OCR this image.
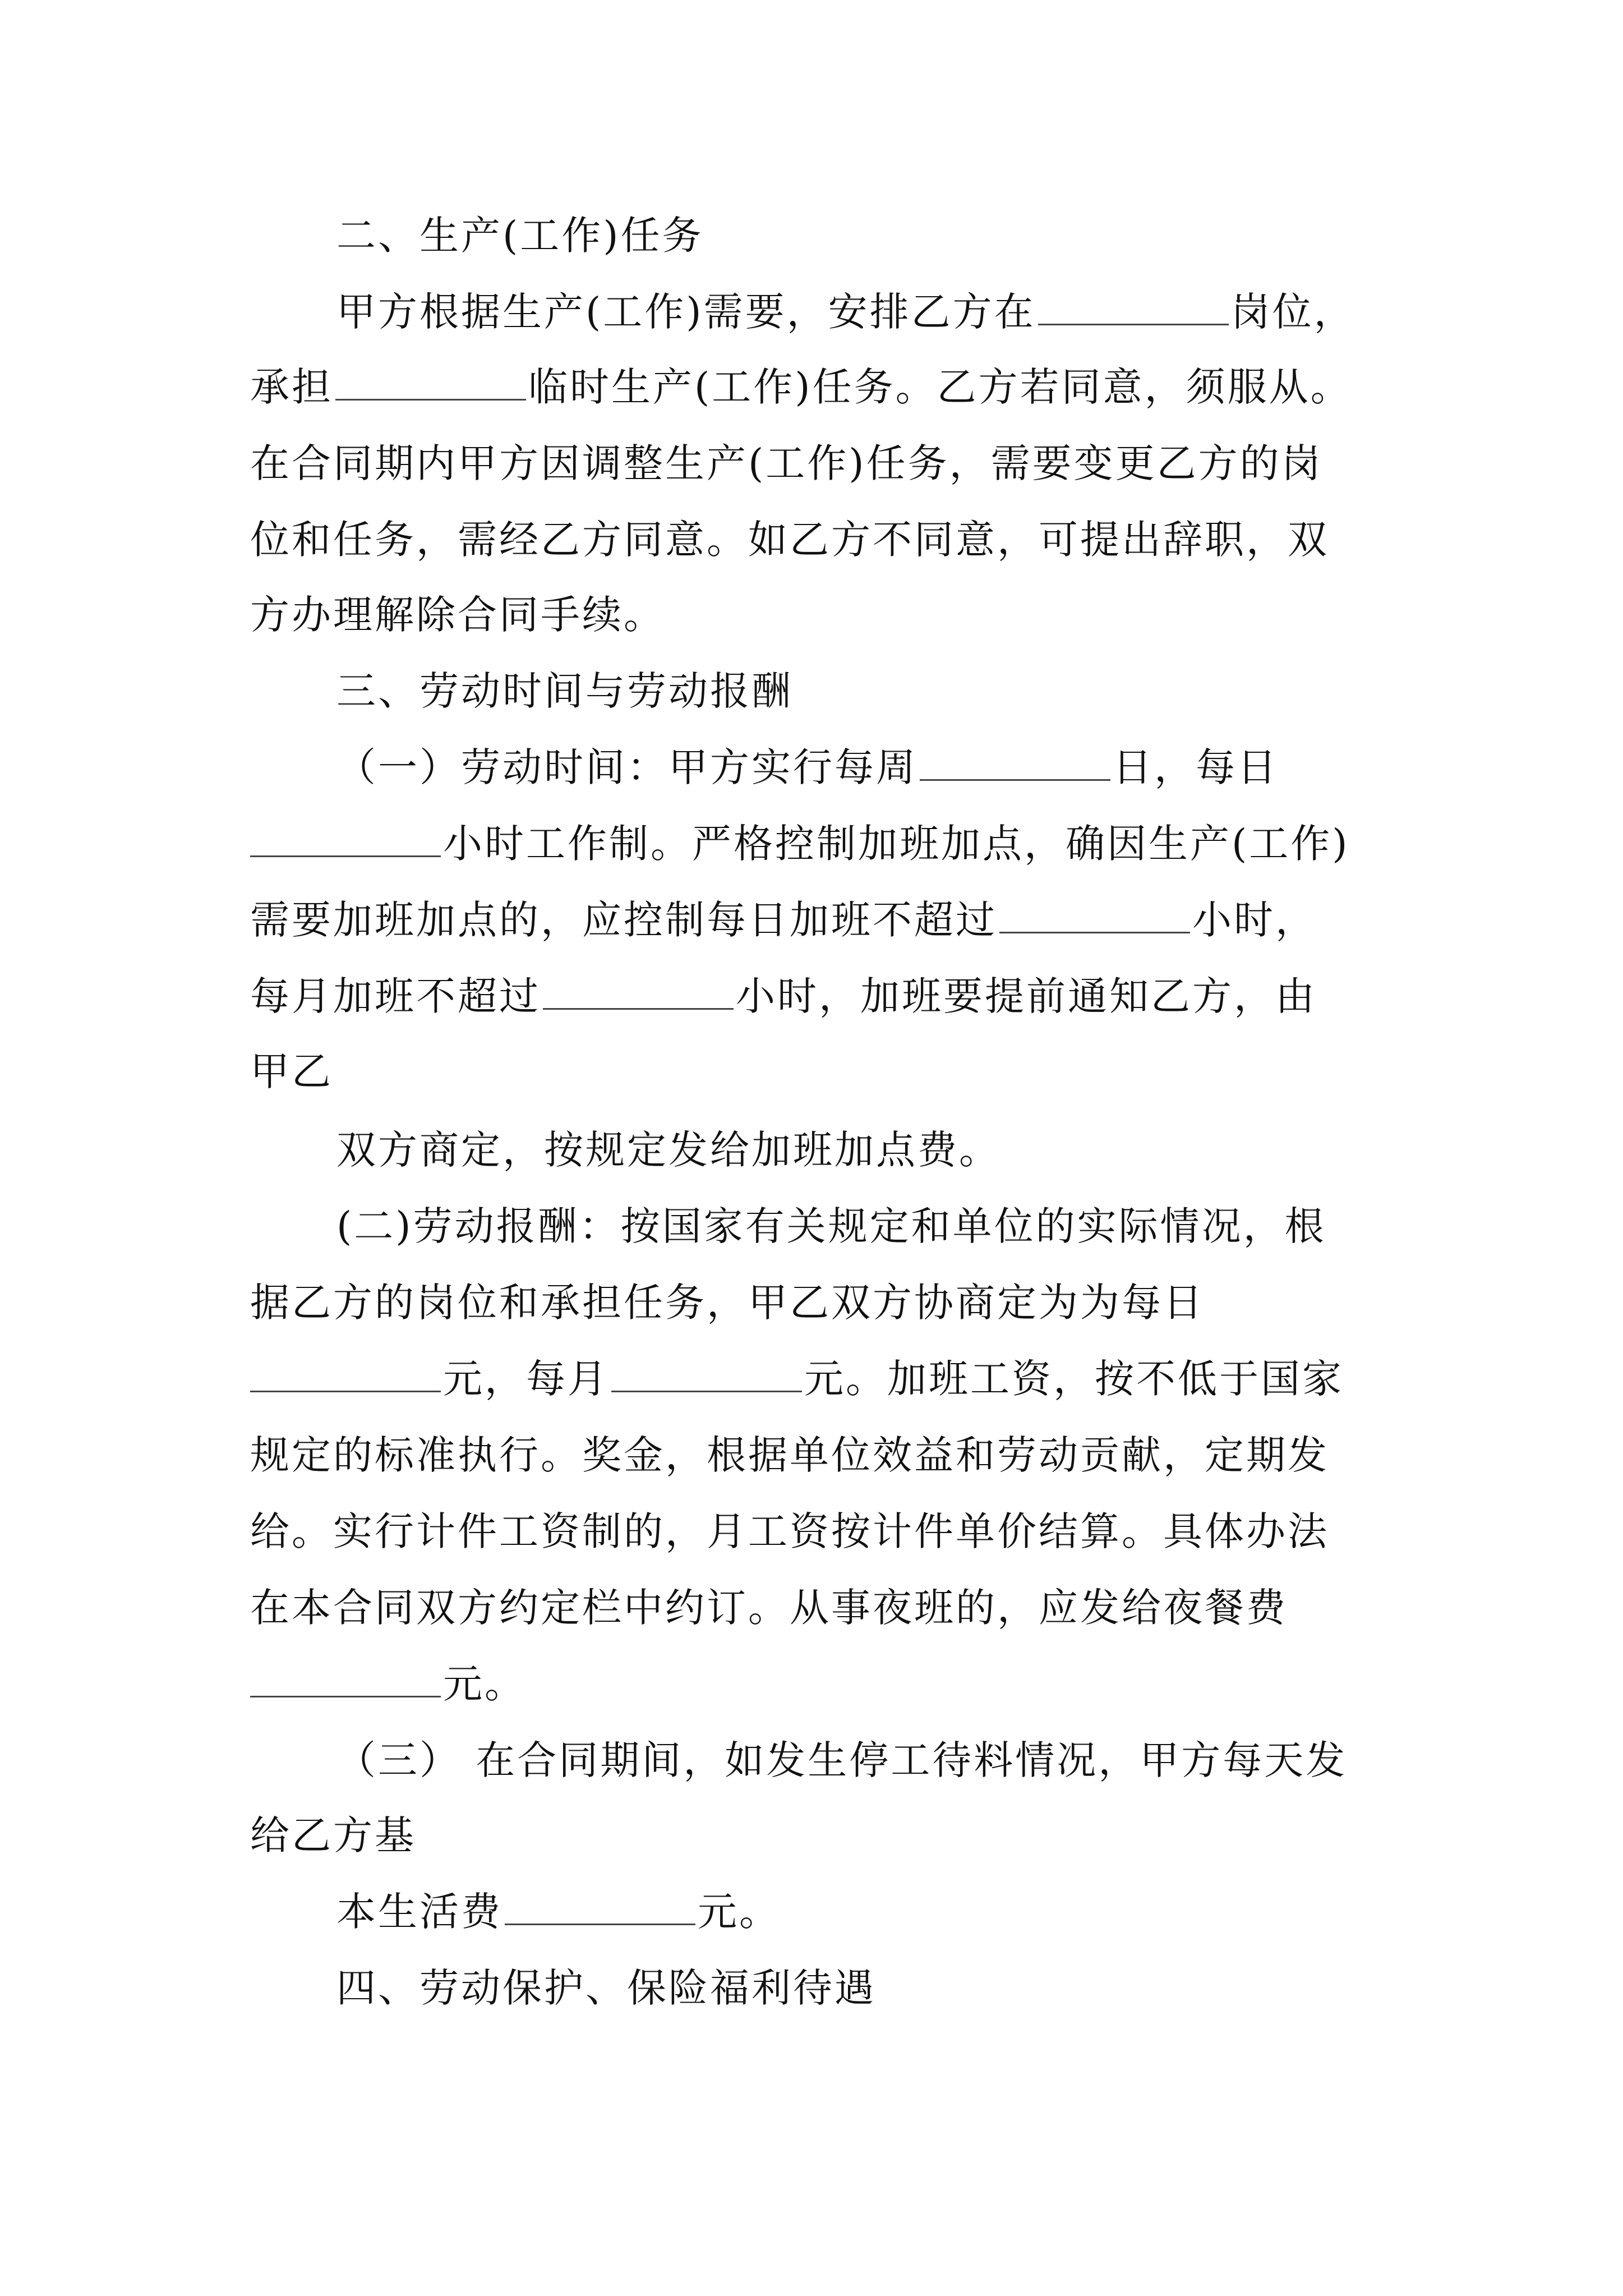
二、生产(工作)任务
甲方根据生产(工作)需要，安排乙方在	岗位，
承担	临时生产(工作)任务。乙方若同意，须服从。
在合同期内甲方因调整生产(工作)任务，需要变更乙方的岗
位和任务，需经乙方同意。如乙方不同意，可提出辞职，双
方办理解除合同手续。
三、劳动时间与劳动报酬
（一）劳动时间：甲方实行每周	日，每日
小时工作制。严格控制加班加点，确因生产(工作)
需要加班加点的，应控制每日加班不超过	小时，
每月加班不超过	小时，加班要提前通知乙方，由
甲乙
双方商定，按规定发给加班加点费。
(二)劳动报酬：按国家有关规定和单位的实际情况，根
据乙方的岗位和承担任务，甲乙双方协商定为为每日
元，每月	元。加班工资，按不低于国家
规定的标准执行。奖金，根据单位效益和劳动贡献，定期发
给。实行计件工资制的，月工资按计件单价结算。具体办法
在本合同双方约定栏中约订。从事夜班的，应发给夜餐费
元。
（三） 在合同期间，如发生停工待料情况，甲方每天发
给乙方基
本生活费	元。
四、劳动保护、保险福利待遇
